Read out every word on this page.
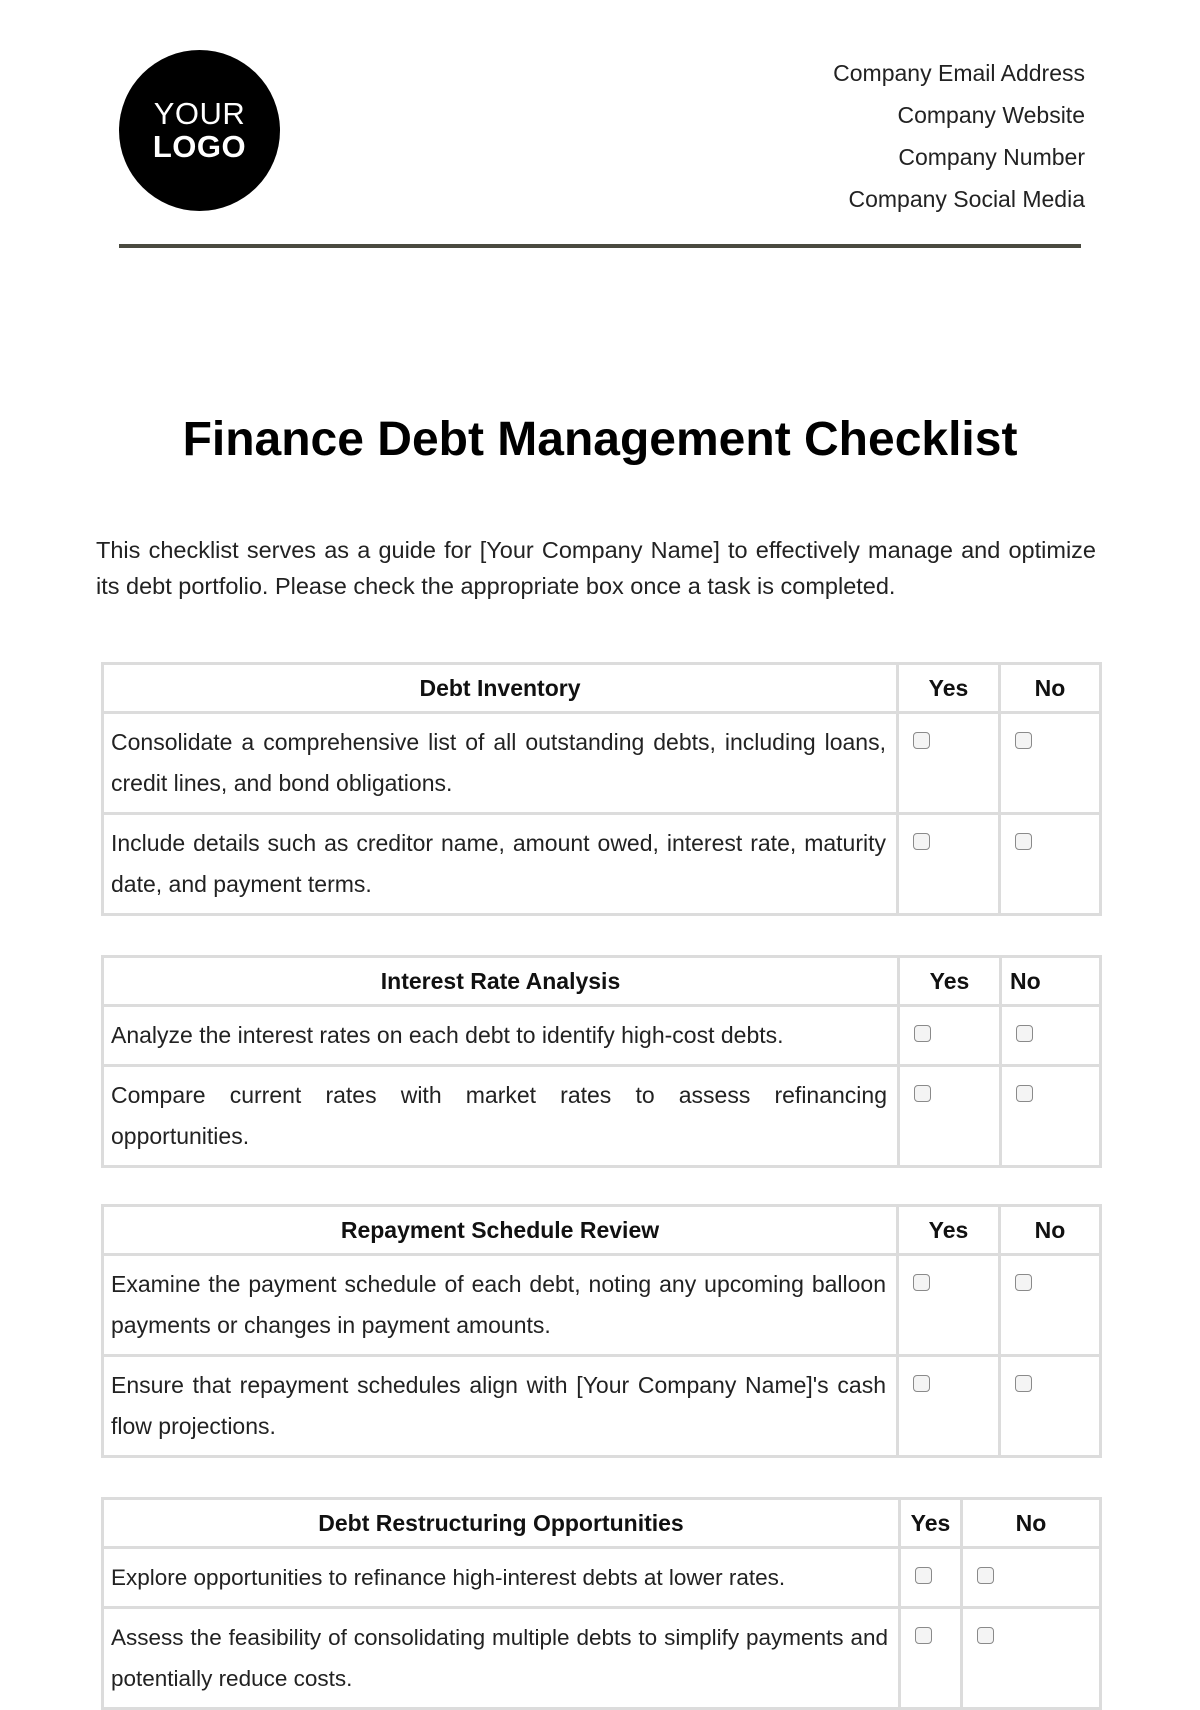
YOUR
LOGO
Company Email Address
Company Website
Company Number
Company Social Media
Finance Debt Management Checklist

This checklist serves as a guide for [Your Company Name] to effectively manage and optimize its debt portfolio. Please check the appropriate box once a task is completed.

Debt Inventory	Yes	No
Consolidate a comprehensive list of all outstanding debts, including loans, credit lines, and bond obligations.		
Include details such as creditor name, amount owed, interest rate, maturity date, and payment terms.		
Interest Rate Analysis	Yes	No
Analyze the interest rates on each debt to identify high-cost debts.		
Compare current rates with market rates to assess refinancing opportunities.		
Repayment Schedule Review	Yes	No
Examine the payment schedule of each debt, noting any upcoming balloon payments or changes in payment amounts.		
Ensure that repayment schedules align with [Your Company Name]'s cash flow projections.		
Debt Restructuring Opportunities	Yes	No
Explore opportunities to refinance high-interest debts at lower rates.		
Assess the feasibility of consolidating multiple debts to simplify payments and potentially reduce costs.		
